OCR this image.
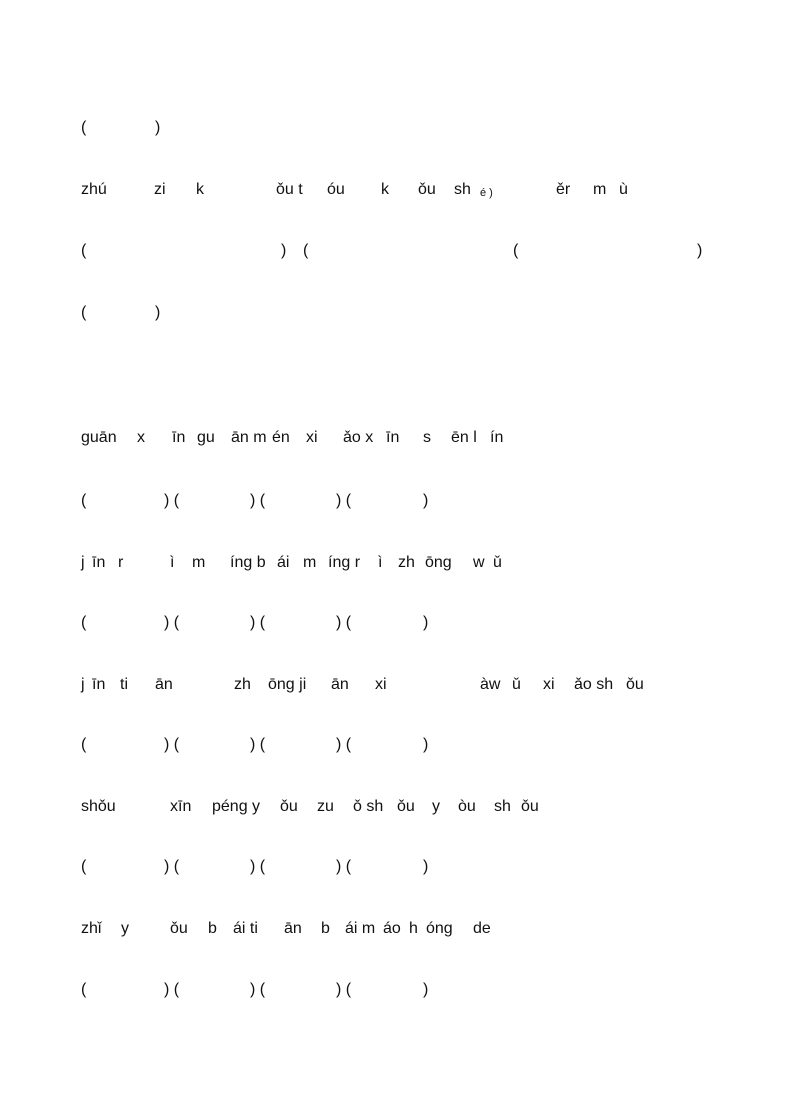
(	)
zhú	zi k	ǒu t óu k ǒu sh é )	ěr m ù
(	) (	(	)
(	)
guān x īn gu ān m én xi ǎo x īn s ēn l ín
(	) (	) (	) (	)
j īn r	ì m íng b ái m íng r ì zh ōng w ǔ
(	) (	) (	) (	)
j īn ti ān	zh ōng ji ān xi	àw ǔ xi ǎo sh ǒu
(	) (	) (	) (	)
shǒu	xīn péng y ǒu zu ǒ sh ǒu y òu sh ǒu
(	) (	) (	) (	)
zhǐ y	ǒu b ái ti ān b ái m áo h óng de
(	) (	) (	) (	)
